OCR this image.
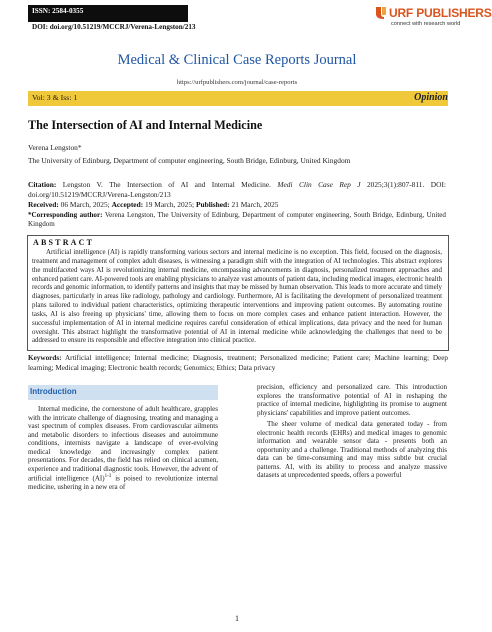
ISSN: 2584-0355
DOI: doi.org/10.51219/MCCRJ/Verena-Lengston/213
URF PUBLISHERS
connect with research world
Medical & Clinical Case Reports Journal
https://urfpublishers.com/journal/case-reports
Vol: 3 & Iss: 1	Opinion
The Intersection of AI and Internal Medicine
Verena Lengston*
The University of Edinburg, Department of computer engineering, South Bridge, Edinburg, United Kingdom
Citation: Lengston V. The Intersection of AI and Internal Medicine. Medi Clin Case Rep J 2025;3(1):807-811. DOI: doi.org/10.51219/MCCRJ/Verena-Lengston/213
Received: 06 March, 2025; Accepted: 19 March, 2025; Published: 21 March, 2025
*Corresponding author: Verena Lengston, The University of Edinburg, Department of computer engineering, South Bridge, Edinburg, United Kingdom
ABSTRACT
Artificial intelligence (AI) is rapidly transforming various sectors and internal medicine is no exception. This field, focused on the diagnosis, treatment and management of complex adult diseases, is witnessing a paradigm shift with the integration of AI technologies. This abstract explores the multifaceted ways AI is revolutionizing internal medicine, encompassing advancements in diagnosis, personalized treatment approaches and enhanced patient care. AI-powered tools are enabling physicians to analyze vast amounts of patient data, including medical images, electronic health records and genomic information, to identify patterns and insights that may be missed by human observation. This leads to more accurate and timely diagnoses, particularly in areas like radiology, pathology and cardiology. Furthermore, AI is facilitating the development of personalized treatment plans tailored to individual patient characteristics, optimizing therapeutic interventions and improving patient outcomes. By automating routine tasks, AI is also freeing up physicians' time, allowing them to focus on more complex cases and enhance patient interaction. However, the successful implementation of AI in internal medicine requires careful consideration of ethical implications, data privacy and the need for human oversight. This abstract highlight the transformative potential of AI in internal medicine while acknowledging the challenges that need to be addressed to ensure its responsible and effective integration into clinical practice.
Keywords: Artificial intelligence; Internal medicine; Diagnosis, treatment; Personalized medicine; Patient care; Machine learning; Deep learning; Medical imaging; Electronic health records; Genomics; Ethics; Data privacy
Introduction
Internal medicine, the cornerstone of adult healthcare, grapples with the intricate challenge of diagnosing, treating and managing a vast spectrum of complex diseases. From cardiovascular ailments and metabolic disorders to infectious diseases and autoimmune conditions, internists navigate a landscape of ever-evolving medical knowledge and increasingly complex patient presentations. For decades, the field has relied on clinical acumen, experience and traditional diagnostic tools. However, the advent of artificial intelligence (AI)$^{1-3}$ is poised to revolutionize internal medicine, ushering in a new era of

precision, efficiency and personalized care. This introduction explores the transformative potential of AI in reshaping the practice of internal medicine, highlighting its promise to augment physicians' capabilities and improve patient outcomes.

The sheer volume of medical data generated today - from electronic health records (EHRs) and medical images to genomic information and wearable sensor data - presents both an opportunity and a challenge. Traditional methods of analyzing this data can be time-consuming and may miss subtle but crucial patterns. AI, with its ability to process and analyze massive datasets at unprecedented speeds, offers a powerful

1
